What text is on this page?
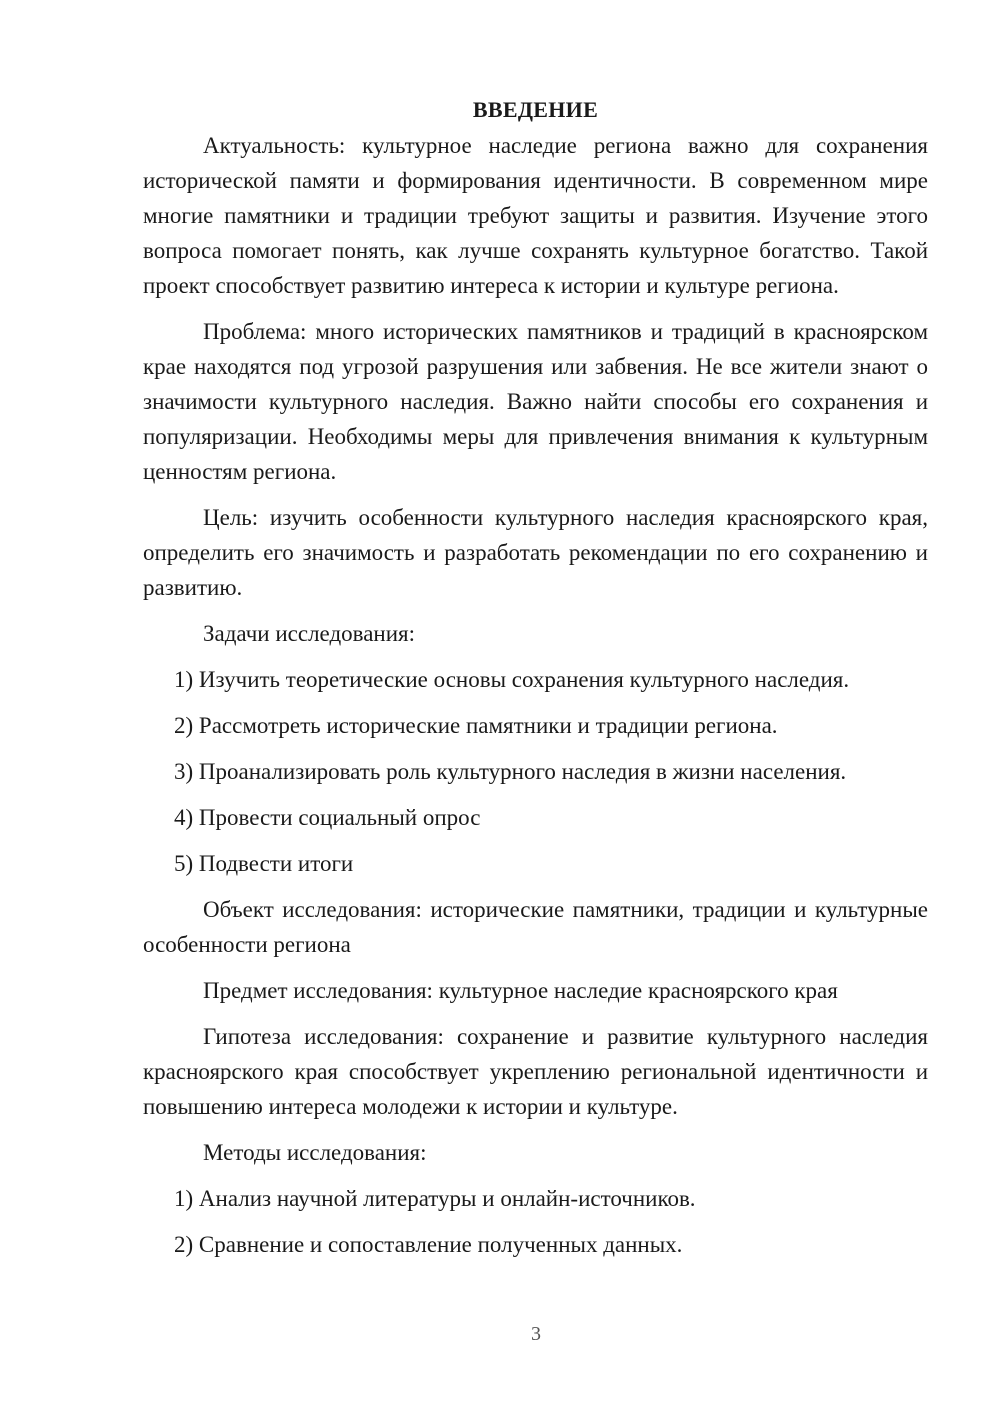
ВВЕДЕНИЕ

Актуальность: культурное наследие региона важно для сохранения исторической памяти и формирования идентичности. В современном мире многие памятники и традиции требуют защиты и развития. Изучение этого вопроса помогает понять, как лучше сохранять культурное богатство. Такой проект способствует развитию интереса к истории и культуре региона.

Проблема: много исторических памятников и традиций в красноярском крае находятся под угрозой разрушения или забвения. Не все жители знают о значимости культурного наследия. Важно найти способы его сохранения и популяризации. Необходимы меры для привлечения внимания к культурным ценностям региона.

Цель: изучить особенности культурного наследия красноярского края, определить его значимость и разработать рекомендации по его сохранению и развитию.

Задачи исследования:

1) Изучить теоретические основы сохранения культурного наследия.
2) Рассмотреть исторические памятники и традиции региона.
3) Проанализировать роль культурного наследия в жизни населения.
4) Провести социальный опрос
5) Подвести итоги

Объект исследования: исторические памятники, традиции и культурные особенности региона

Предмет исследования: культурное наследие красноярского края

Гипотеза исследования: сохранение и развитие культурного наследия красноярского края способствует укреплению региональной идентичности и повышению интереса молодежи к истории и культуре.

Методы исследования:

1) Анализ научной литературы и онлайн-источников.
2) Сравнение и сопоставление полученных данных.
3
